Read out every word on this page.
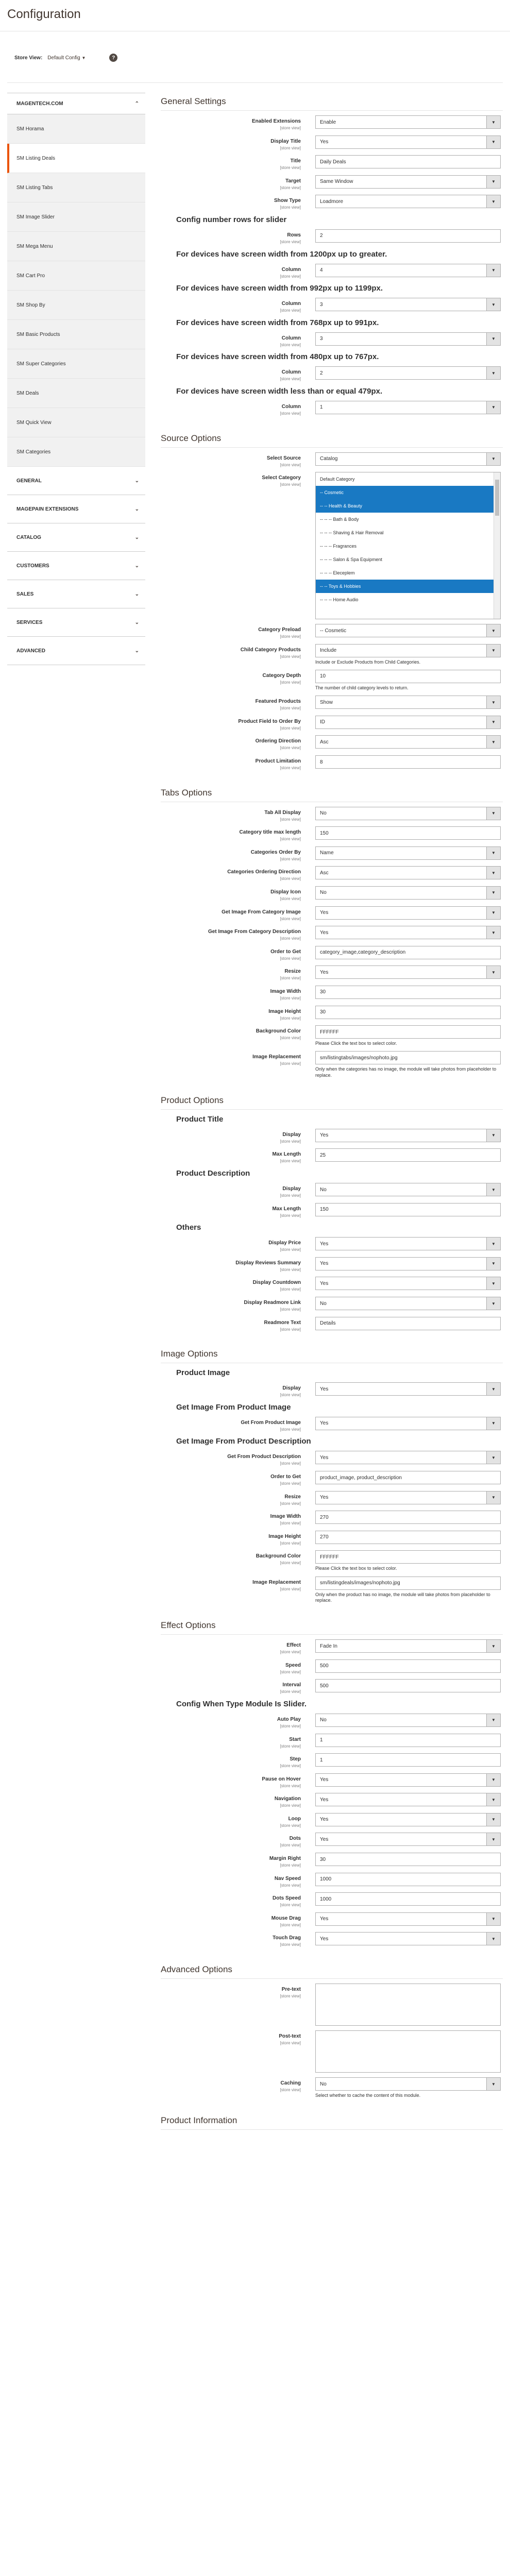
Configuration
Store View: Default Config ▼	?
MAGENTECH.COM	⌃
SM Horama
SM Listing Deals
SM Listing Tabs
SM Image Slider
SM Mega Menu
SM Cart Pro
SM Shop By
SM Basic Products
SM Super Categories
SM Deals
SM Quick View
SM Categories
GENERAL	⌄
MAGEPAIN EXTENSIONS	⌄
CATALOG	⌄
CUSTOMERS	⌄
SALES	⌄
SERVICES	⌄
ADVANCED	⌄
General Settings
Enabled Extensions
[store view]
Enable	▼
Display Title
[store view]
Yes	▼
Title
[store view]
Daily Deals
Target
[store view]
Same Window	▼
Show Type
[store view]
Loadmore	▼
Config number rows for slider
Rows
[store view]
2
For devices have screen width from 1200px up to greater.
Column
[store view]
4	▼
For devices have screen width from 992px up to 1199px.
Column
[store view]
3	▼
For devices have screen width from 768px up to 991px.
Column
[store view]
3	▼
For devices have screen width from 480px up to 767px.
Column
[store view]
2	▼
For devices have screen width less than or equal 479px.
Column
[store view]
1	▼
Source Options
Select Source
[store view]
Catalog	▼
Select Category
[store view]
Default Category
-- Cosmetic
-- -- Health & Beauty
-- -- -- Bath & Body
-- -- -- Shaving & Hair Removal
-- -- -- Fragrances
-- -- -- Salon & Spa Equipment
-- -- -- Eleceplem
-- -- Toys & Hobbies
-- -- -- Home Audio
Category Preload
[store view]
-- Cosmetic	▼
Child Category Products
[store view]
Include	▼
Include or Exclude Products from Child Categories.
Category Depth
[store view]
10
The number of child category levels to return.
Featured Products
[store view]
Show	▼
Product Field to Order By
[store view]
ID	▼
Ordering Direction
[store view]
Asc	▼
Product Limitation
[store view]
8
Tabs Options
Tab All Display
[store view]
No	▼
Category title max length
[store view]
150
Categories Order By
[store view]
Name	▼
Categories Ordering Direction
[store view]
Asc	▼
Display Icon
[store view]
No	▼
Get Image From Category Image
[store view]
Yes	▼
Get Image From Category Description
[store view]
Yes	▼
Order to Get
[store view]
category_image,category_description
Resize
[store view]
Yes	▼
Image Width
[store view]
30
Image Height
[store view]
30
Background Color
[store view]
FFFFFF
Please Click the text box to select color.
Image Replacement
[store view]
sm/listingtabs/images/nophoto.jpg
Only when the categories has no image, the module will take photos from placeholder to replace.
Product Options
Product Title
Display
[store view]
Yes	▼
Max Length
[store view]
25
Product Description
Display
[store view]
No	▼
Max Length
[store view]
150
Others
Display Price
[store view]
Yes	▼
Display Reviews Summary
[store view]
Yes	▼
Display Countdown
[store view]
Yes	▼
Display Readmore Link
[store view]
No	▼
Readmore Text
[store view]
Details
Image Options
Product Image
Display
[store view]
Yes	▼
Get Image From Product Image
Get From Product Image
[store view]
Yes	▼
Get Image From Product Description
Get From Product Description
[store view]
Yes	▼
Order to Get
[store view]
product_image, product_description
Resize
[store view]
Yes	▼
Image Width
[store view]
270
Image Height
[store view]
270
Background Color
[store view]
FFFFFF
Please Click the text box to select color.
Image Replacement
[store view]
sm/listingdeals/images/nophoto.jpg
Only when the product has no image, the module will take photos from placeholder to replace.
Effect Options
Effect
[store view]
Fade In	▼
Speed
[store view]
500
Interval
[store view]
500
Config When Type Module Is Slider.
Auto Play
[store view]
No	▼
Start
[store view]
1
Step
[store view]
1
Pause on Hover
[store view]
Yes	▼
Navigation
[store view]
Yes	▼
Loop
[store view]
Yes	▼
Dots
[store view]
Yes	▼
Margin Right
[store view]
30
Nav Speed
[store view]
1000
Dots Speed
[store view]
1000
Mouse Drag
[store view]
Yes	▼
Touch Drag
[store view]
Yes	▼
Advanced Options
Pre-text
[store view]
Post-text
[store view]
Caching
[store view]
No	▼
Select whether to cache the content of this module.
Product Information
